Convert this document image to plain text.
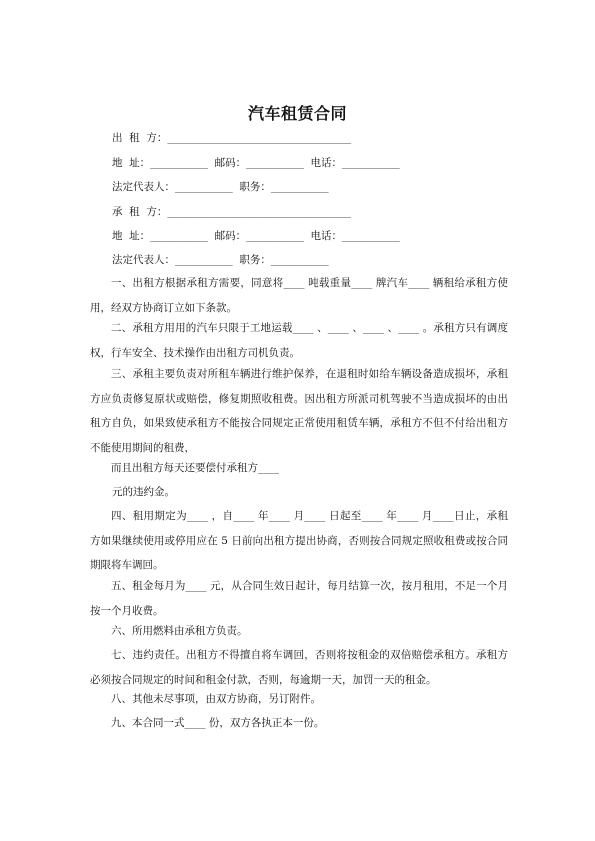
汽车租赁合同
出  租  方：___________________________________
地  址：___________  邮码：___________  电话：___________
法定代表人：___________  职务：___________
承  租  方：___________________________________
地  址：___________  邮码：___________  电话：___________
法定代表人：___________  职务：___________
一、出租方根据承租方需要，同意将____ 吨载重量____ 牌汽车____ 辆租给承租方使用，经双方协商订立如下条款。
二、承租方用用的汽车只限于工地运载____ 、____ 、____ 、____ 。承租方只有调度权，行车安全、技术操作由出租方司机负责。
三、承租主要负责对所租车辆进行维护保养，在退租时如给车辆设备造成损坏，承租方应负责修复原状或赔偿，修复期照收租费。因出租方所派司机驾驶不当造成损坏的由出租方自负，如果致使承租方不能按合同规定正常使用租赁车辆，承租方不但不付给出租方不能使用期间的租费，
而且出租方每天还要偿付承租方____
元的违约金。
四、租用期定为____ ，自____ 年____ 月____ 日起至____ 年____ 月____日止，承租方如果继续使用或停用应在 5 日前向出租方提出协商，否则按合同规定照收租费或按合同期限将车调回。
五、租金每月为____ 元，从合同生效日起计，每月结算一次，按月租用，不足一个月按一个月收费。
六、所用燃料由承租方负责。
七、违约责任。出租方不得擅自将车调回，否则将按租金的双倍赔偿承租方。承租方必须按合同规定的时间和租金付款，否则，每逾期一天，加罚一天的租金。
八、其他未尽事项，由双方协商，另订附件。
九、本合同一式____ 份，双方各执正本一份。
